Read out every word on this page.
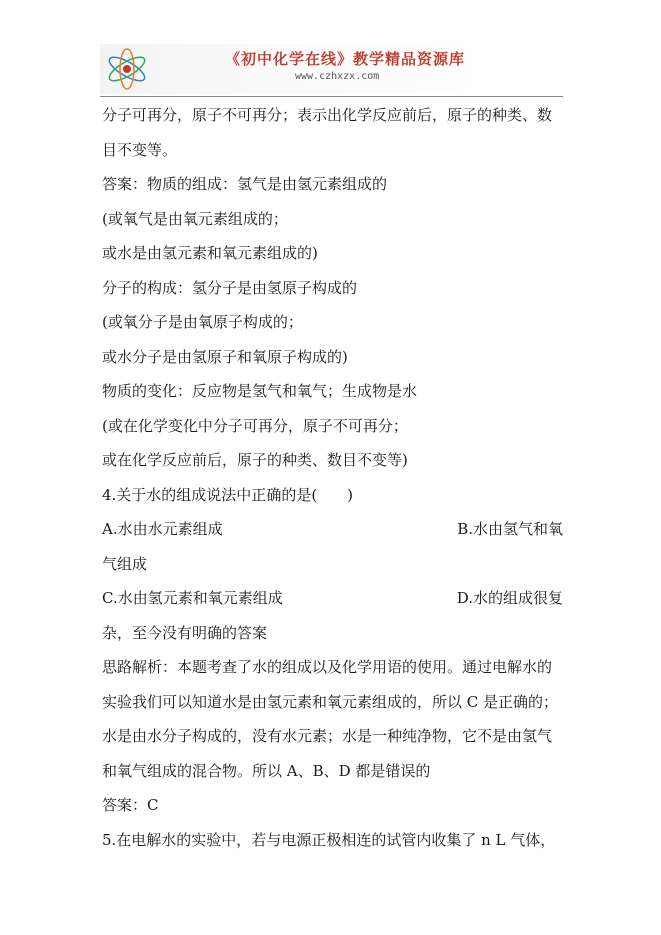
《初中化学在线》教学精品资源库
www.czhxzx.com

分子可再分，原子不可再分；表示出化学反应前后，原子的种类、数

目不变等。

答案：物质的组成：氢气是由氢元素组成的

(或氧气是由氧元素组成的；

或水是由氢元素和氧元素组成的)

分子的构成：氢分子是由氢原子构成的

(或氧分子是由氧原子构成的；

或水分子是由氢原子和氧原子构成的)

物质的变化：反应物是氢气和氧气；生成物是水

(或在化学变化中分子可再分，原子不可再分；

或在化学反应前后，原子的种类、数目不变等)

4.关于水的组成说法中正确的是(　　)

A.水由水元素组成	B.水由氢气和氧

气组成

C.水由氢元素和氧元素组成	D.水的组成很复

杂，至今没有明确的答案

思路解析：本题考查了水的组成以及化学用语的使用。通过电解水的

实验我们可以知道水是由氢元素和氧元素组成的，所以 C 是正确的；

水是由水分子构成的，没有水元素；水是一种纯净物，它不是由氢气

和氧气组成的混合物。所以 A、B、D 都是错误的

答案：C

5.在电解水的实验中，若与电源正极相连的试管内收集了 n L 气体，
